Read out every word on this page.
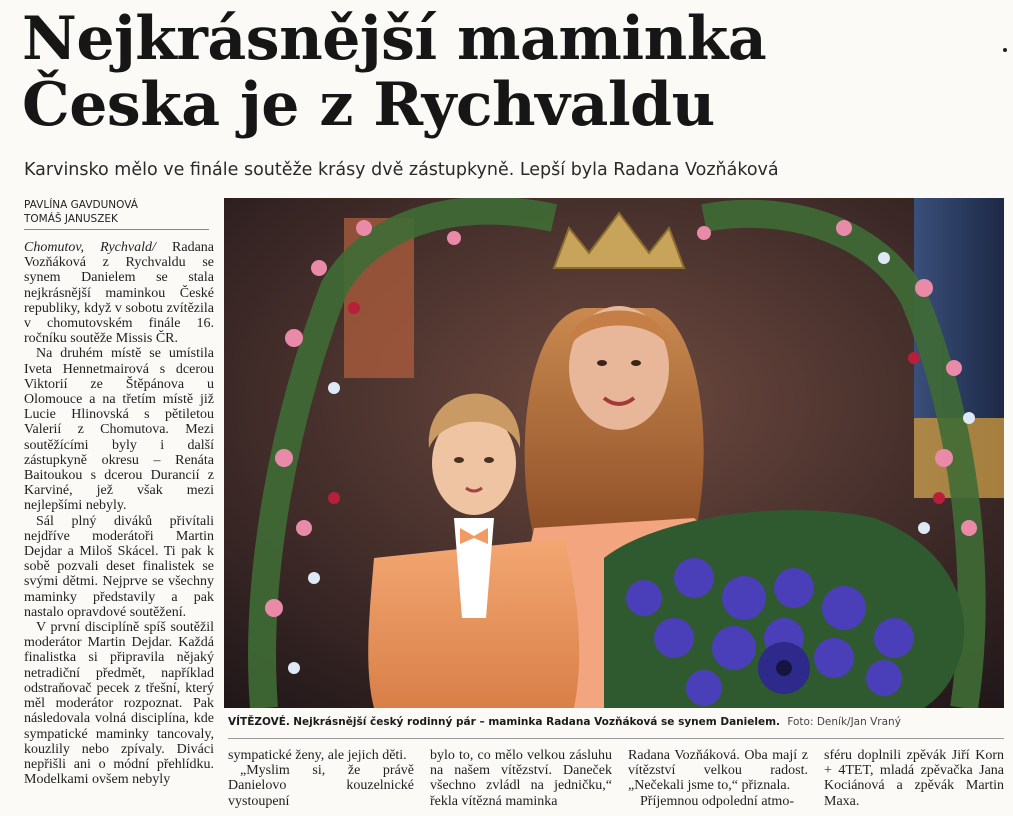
Nejkrásnější maminka
Česka je z Rychvaldu
Karvinsko mělo ve finále soutěže krásy dvě zástupkyně. Lepší byla Radana Vozňáková
PAVLÍNA GAVDUNOVÁ
TOMÁŠ JANUSZEK

Chomutov, Rychvald/ Radana Vozňáková z Rychvaldu se synem Danielem se stala nejkrásnější maminkou České republiky, když v sobotu zvítězila v chomutovském finále 16. ročníku soutěže Missis ČR.

Na druhém místě se umístila Iveta Hennetmairová s dcerou Viktorií ze Štěpánova u Olomouce a na třetím místě již Lucie Hlinovská s pětiletou Valerií z Chomutova. Mezi soutěžícími byly i další zástupkyně okresu – Renáta Baitoukou s dcerou Durancií z Karviné, jež však mezi nejlepšími nebyly.

Sál plný diváků přivítali nejdříve moderátoři Martin Dejdar a Miloš Skácel. Ti pak k sobě pozvali deset finalistek se svými dětmi. Nejprve se všechny maminky představily a pak nastalo opravdové soutěžení.

V první disciplíně spíš soutěžil moderátor Martin Dejdar. Každá finalistka si připravila nějaký netradiční předmět, například odstraňovač pecek z třešní, který měl moderátor rozpoznat. Pak následovala volná disciplína, kde sympatické maminky tancovaly, kouzlily nebo zpívaly. Diváci nepřišli ani o módní přehlídku. Modelkami ovšem nebyly

VÍTĚZOVÉ. Nejkrásnější český rodinný pár – maminka Radana Vozňáková se synem Danielem. Foto: Deník/Jan Vraný

sympatické ženy, ale jejich děti.

„Myslim si, že právě Danielovo kouzelnické vystoupení

bylo to, co mělo velkou zásluhu na našem vítězství. Daneček všechno zvládl na jedničku,“ řekla vítězná maminka

Radana Vozňáková. Oba mají z vítězství velkou radost. „Nečekali jsme to,“ přiznala.

Příjemnou odpolední atmo-

sféru doplnili zpěvák Jiří Korn + 4TET, mladá zpěvačka Jana Kociánová a zpěvák Martin Maxa.
